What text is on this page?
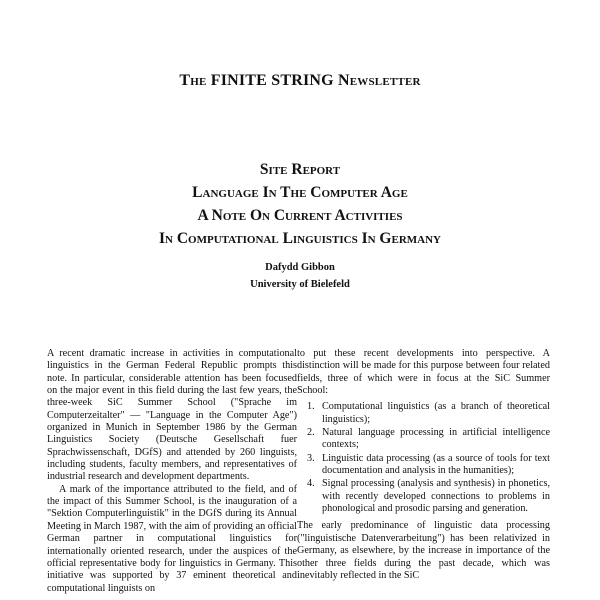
The FINITE STRING Newsletter
Site Report
Language In The Computer Age
A Note On Current Activities
In Computational Linguistics In Germany
Dafydd Gibbon
University of Bielefeld

A recent dramatic increase in activities in computational linguistics in the German Federal Republic prompts this note. In particular, considerable attention has been focused on the major event in this field during the last few years, the three-week SiC Summer School ("Sprache im Computerzeitalter" — "Language in the Computer Age") organized in Munich in September 1986 by the German Linguistics Society (Deutsche Gesellschaft fuer Sprachwissenschaft, DGfS) and attended by 260 linguists, including students, faculty members, and representatives of industrial research and development departments.

A mark of the importance attributed to the field, and of the impact of this Summer School, is the inauguration of a "Sektion Computerlinguistik" in the DGfS during its Annual Meeting in March 1987, with the aim of providing an official German partner in computational linguistics for internationally oriented research, under the auspices of the official representative body for linguistics in Germany. This initiative was supported by 37 eminent theoretical and computational linguists on

to put these recent developments into perspective. A distinction will be made for this purpose between four related fields, three of which were in focus at the SiC Summer School:

1. Computational linguistics (as a branch of theoretical linguistics);
2. Natural language processing in artificial intelligence contexts;
3. Linguistic data processing (as a source of tools for text documentation and analysis in the humanities);
4. Signal processing (analysis and synthesis) in phonetics, with recently developed connections to problems in phonological and prosodic parsing and generation.

The early predominance of linguistic data processing ("linguistische Datenverarbeitung") has been relativized in Germany, as elsewhere, by the increase in importance of the other three fields during the past decade, which was inevitably reflected in the SiC
